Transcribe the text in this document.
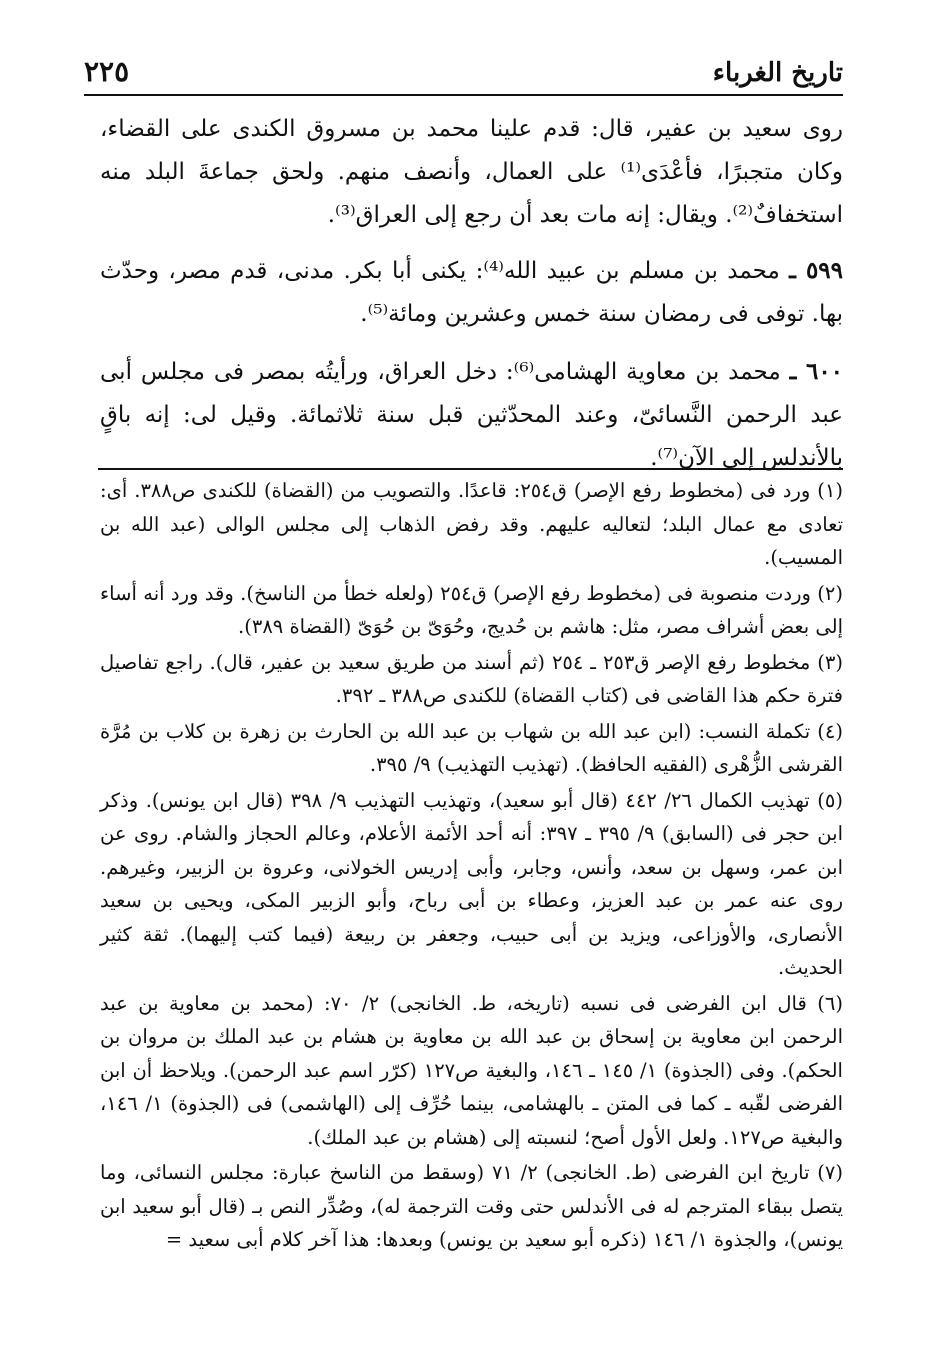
تاريخ الغرباء
٢٢٥

روى سعيد بن عفير، قال: قدم علينا محمد بن مسروق الكندى على القضاء، وكان متجبرًا، فأعْدَى⁽¹⁾ على العمال، وأنصف منهم. ولحق جماعةَ البلد منه استخفافٌ⁽²⁾. ويقال: إنه مات بعد أن رجع إلى العراق⁽³⁾.

٥٩٩ ـ محمد بن مسلم بن عبيد الله⁽⁴⁾: يكنى أبا بكر. مدنى، قدم مصر، وحدّث بها. توفى فى رمضان سنة خمس وعشرين ومائة⁽⁵⁾.

٦٠٠ ـ محمد بن معاوية الهشامى⁽⁶⁾: دخل العراق، ورأيتُه بمصر فى مجلس أبى عبد الرحمن النَّسائىّ، وعند المحدّثين قبل سنة ثلاثمائة. وقيل لى: إنه باقٍ بالأندلس إلى الآن⁽⁷⁾.

(١) ورد فى (مخطوط رفع الإصر) ق٢٥٤: قاعدًا. والتصويب من (القضاة) للكندى ص٣٨٨. أى: تعادى مع عمال البلد؛ لتعاليه عليهم. وقد رفض الذهاب إلى مجلس الوالى (عبد الله بن المسيب).

(٢) وردت منصوبة فى (مخطوط رفع الإصر) ق٢٥٤ (ولعله خطأ من الناسخ). وقد ورد أنه أساء إلى بعض أشراف مصر، مثل: هاشم بن حُديج، وحُوَىّ بن حُوَىّ (القضاة ٣٨٩).

(٣) مخطوط رفع الإصر ق٢٥٣ ـ ٢٥٤ (ثم أسند من طريق سعيد بن عفير، قال). راجع تفاصيل فترة حكم هذا القاضى فى (كتاب القضاة) للكندى ص٣٨٨ ـ ٣٩٢.

(٤) تكملة النسب: (ابن عبد الله بن شهاب بن عبد الله بن الحارث بن زهرة بن كلاب بن مُرَّة القرشى الزُّهْرى (الفقيه الحافظ). (تهذيب التهذيب) ٩/ ٣٩٥.

(٥) تهذيب الكمال ٢٦/ ٤٤٢ (قال أبو سعيد)، وتهذيب التهذيب ٩/ ٣٩٨ (قال ابن يونس). وذكر ابن حجر فى (السابق) ٩/ ٣٩٥ ـ ٣٩٧: أنه أحد الأئمة الأعلام، وعالم الحجاز والشام. روى عن ابن عمر، وسهل بن سعد، وأنس، وجابر، وأبى إدريس الخولانى، وعروة بن الزبير، وغيرهم. روى عنه عمر بن عبد العزيز، وعطاء بن أبى رباح، وأبو الزبير المكى، ويحيى بن سعيد الأنصارى، والأوزاعى، ويزيد بن أبى حبيب، وجعفر بن ربيعة (فيما كتب إليهما). ثقة كثير الحديث.

(٦) قال ابن الفرضى فى نسبه (تاريخه، ط. الخانجى) ٢/ ٧٠: (محمد بن معاوية بن عبد الرحمن ابن معاوية بن إسحاق بن عبد الله بن معاوية بن هشام بن عبد الملك بن مروان بن الحكم). وفى (الجذوة) ١/ ١٤٥ ـ ١٤٦، والبغية ص١٢٧ (كرّر اسم عبد الرحمن). ويلاحظ أن ابن الفرضى لقّبه ـ كما فى المتن ـ بالهشامى، بينما حُرِّف إلى (الهاشمى) فى (الجذوة) ١/ ١٤٦، والبغية ص١٢٧. ولعل الأول أصح؛ لنسبته إلى (هشام بن عبد الملك).

(٧) تاريخ ابن الفرضى (ط. الخانجى) ٢/ ٧١ (وسقط من الناسخ عبارة: مجلس النسائى، وما يتصل ببقاء المترجم له فى الأندلس حتى وقت الترجمة له)، وصُدِّر النص بـ (قال أبو سعيد ابن يونس)، والجذوة ١/ ١٤٦ (ذكره أبو سعيد بن يونس) وبعدها: هذا آخر كلام أبى سعيد =
